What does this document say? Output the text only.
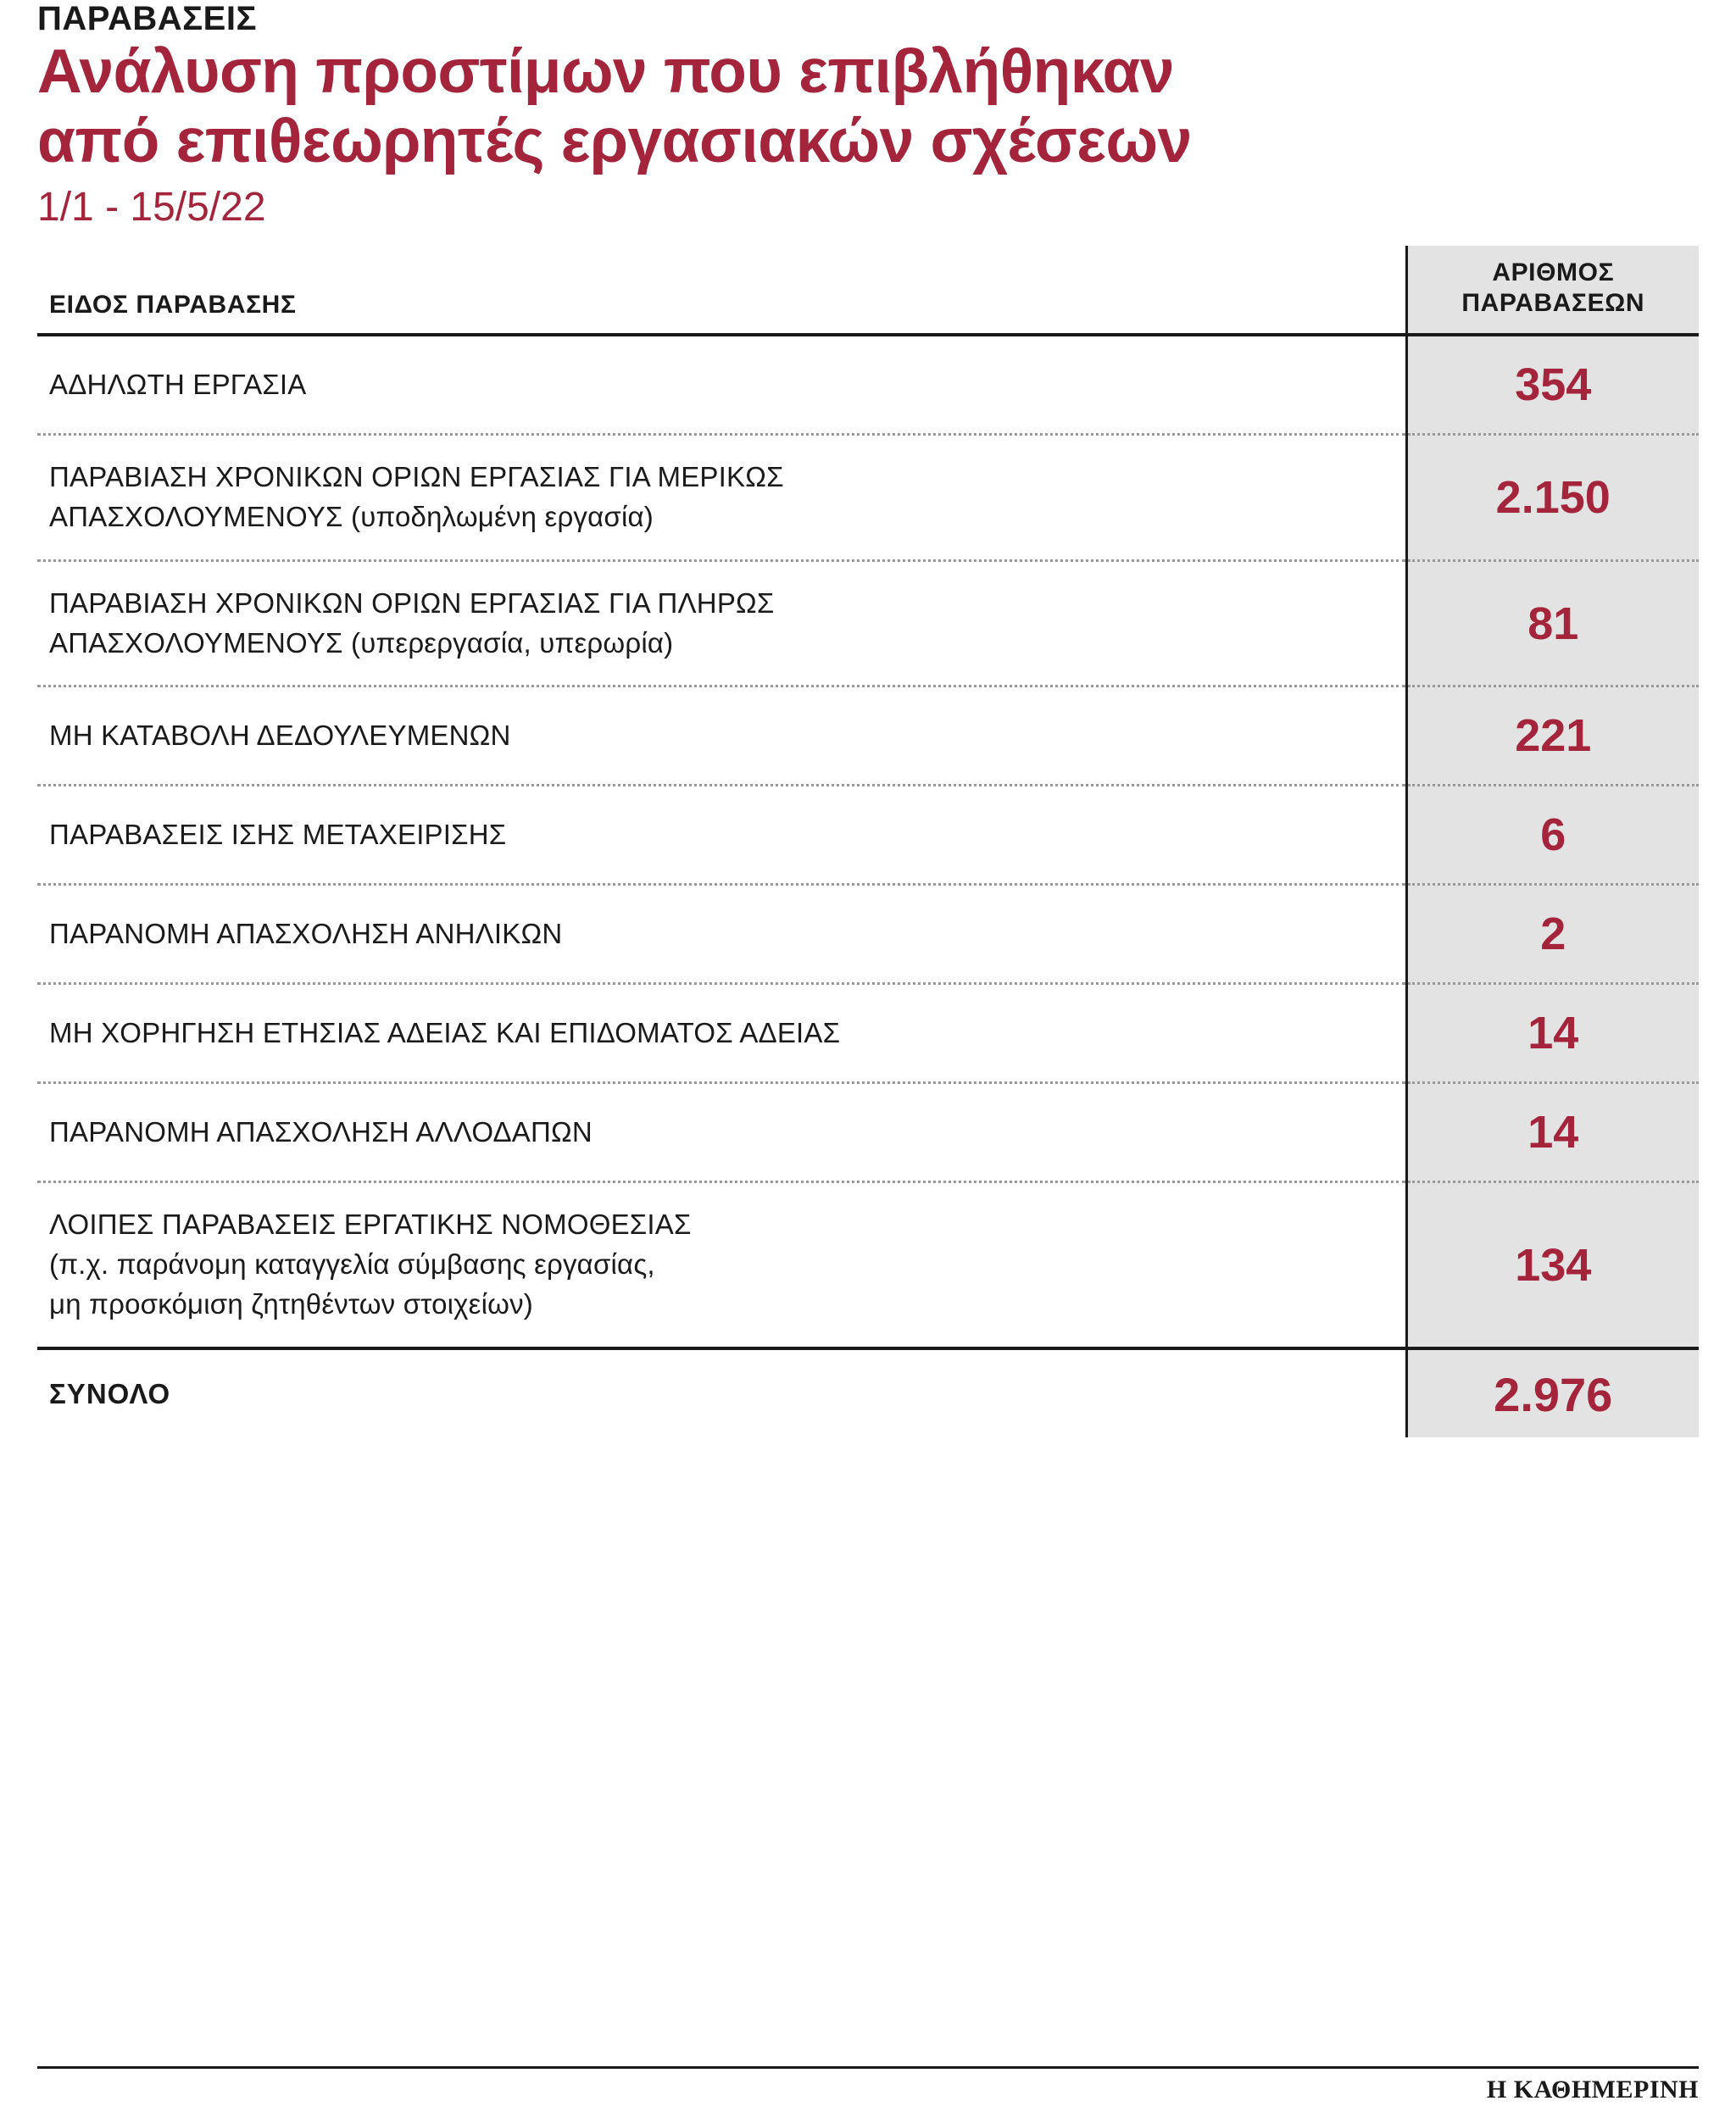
ΠΑΡΑΒΑΣΕΙΣ
Ανάλυση προστίμων που επιβλήθηκαν
από επιθεωρητές εργασιακών σχέσεων
1/1 - 15/5/22
ΕΙΔΟΣ ΠΑΡΑΒΑΣΗΣ	ΑΡΙΘΜΟΣ
ΠΑΡΑΒΑΣΕΩΝ

ΑΔΗΛΩΤΗ ΕΡΓΑΣΙΑ	354
ΠΑΡΑΒΙΑΣΗ ΧΡΟΝΙΚΩΝ ΟΡΙΩΝ ΕΡΓΑΣΙΑΣ ΓΙΑ ΜΕΡΙΚΩΣ
ΑΠΑΣΧΟΛΟΥΜΕΝΟΥΣ (υποδηλωμένη εργασία)	2.150
ΠΑΡΑΒΙΑΣΗ ΧΡΟΝΙΚΩΝ ΟΡΙΩΝ ΕΡΓΑΣΙΑΣ ΓΙΑ ΠΛΗΡΩΣ
ΑΠΑΣΧΟΛΟΥΜΕΝΟΥΣ (υπερεργασία, υπερωρία)	81
ΜΗ ΚΑΤΑΒΟΛΗ ΔΕΔΟΥΛΕΥΜΕΝΩΝ	221
ΠΑΡΑΒΑΣΕΙΣ ΙΣΗΣ ΜΕΤΑΧΕΙΡΙΣΗΣ	6
ΠΑΡΑΝΟΜΗ ΑΠΑΣΧΟΛΗΣΗ ΑΝΗΛΙΚΩΝ	2
ΜΗ ΧΟΡΗΓΗΣΗ ΕΤΗΣΙΑΣ ΑΔΕΙΑΣ ΚΑΙ ΕΠΙΔΟΜΑΤΟΣ ΑΔΕΙΑΣ	14
ΠΑΡΑΝΟΜΗ ΑΠΑΣΧΟΛΗΣΗ ΑΛΛΟΔΑΠΩΝ	14
ΛΟΙΠΕΣ ΠΑΡΑΒΑΣΕΙΣ ΕΡΓΑΤΙΚΗΣ ΝΟΜΟΘΕΣΙΑΣ
(π.χ. παράνομη καταγγελία σύμβασης εργασίας,
μη προσκόμιση ζητηθέντων στοιχείων)	134
ΣΥΝΟΛΟ	2.976
Η ΚΑΘΗΜΕΡΙΝΗ
